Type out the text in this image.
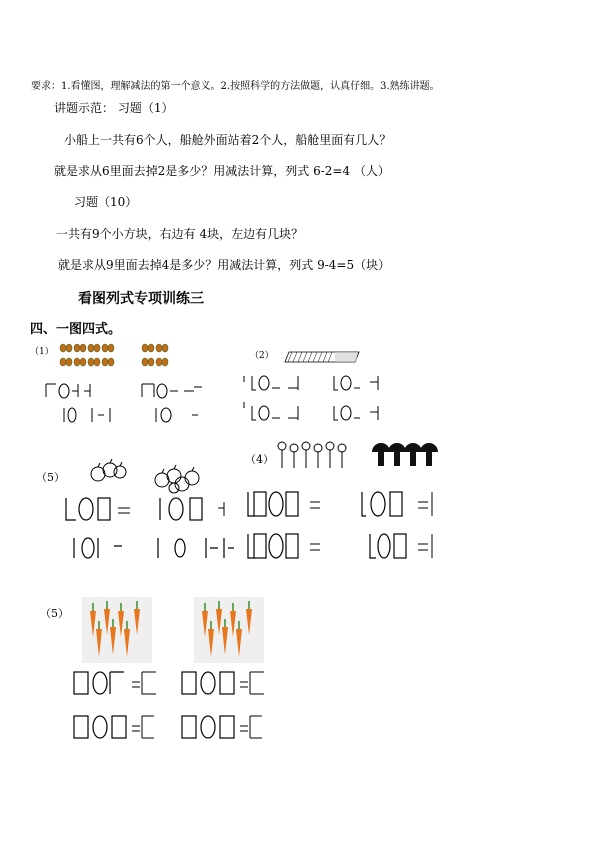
要求：1.看懂图，理解减法的第一个意义。2.按照科学的方法做题，认真仔细。3.熟练讲题。
讲题示范： 习题（1）
小船上一共有6个人，船舱外面站着2个人，船舱里面有几人？
就是求从6里面去掉2是多少？用减法计算，列式 6-2=4 （人）
习题（10）
一共有9个小方块，右边有 4块，左边有几块？
就是求从9里面去掉4是多少？用减法计算，列式 9-4=5（块）
看图列式专项训练三
四、一图四式。
（1）	（2）
（5）
（4）
（5）
